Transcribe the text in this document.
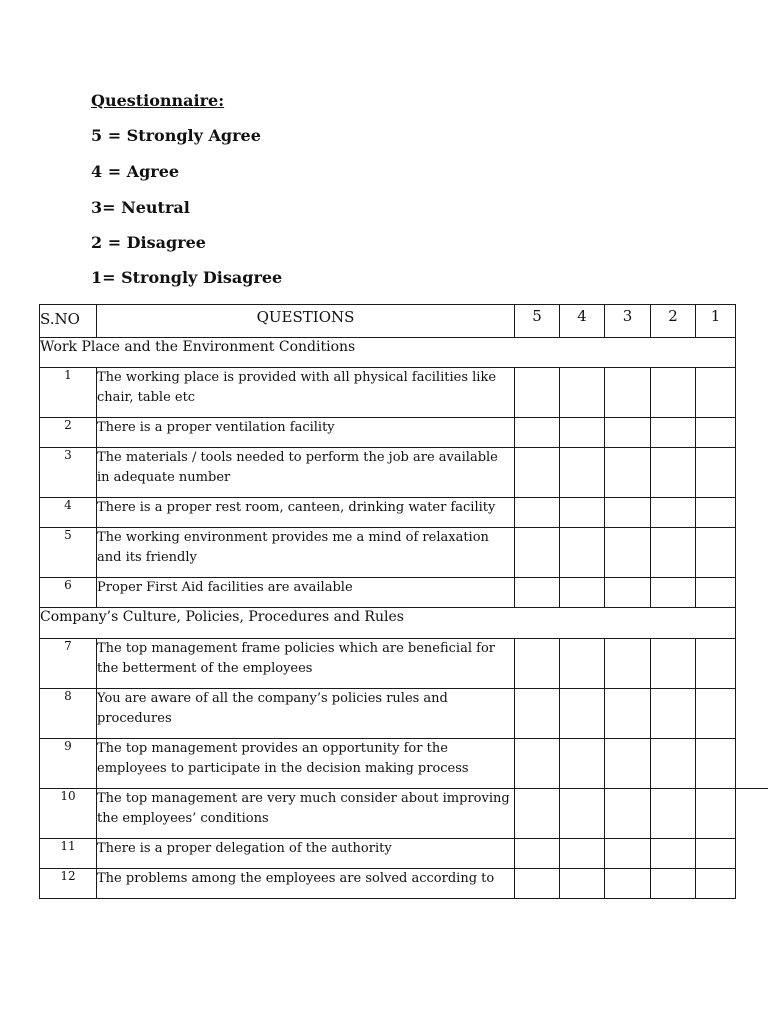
Questionnaire:
5 = Strongly Agree
4 = Agree
3= Neutral
2 = Disagree
1= Strongly Disagree
S.NO	QUESTIONS	5	4	3	2	1
Work Place and the Environment Conditions						
1	The working place is provided with all physical facilities like chair, table etc					
2	There is a proper ventilation facility					
3	The materials / tools needed to perform the job are available in adequate number					
4	There is a proper rest room, canteen, drinking water facility					
5	The working environment provides me a mind of relaxation and its friendly					
6	Proper First Aid facilities are available					
Company’s Culture, Policies, Procedures and Rules						
7	The top management frame policies which are beneficial for the betterment of the employees					
8	You are aware of all the company’s policies rules and procedures					
9	The top management provides an opportunity for the employees to participate in the decision making process					
10	The top management are very much consider about improving the employees’ conditions					
11	There is a proper delegation of the authority					
12	The problems among the employees are solved according to					
